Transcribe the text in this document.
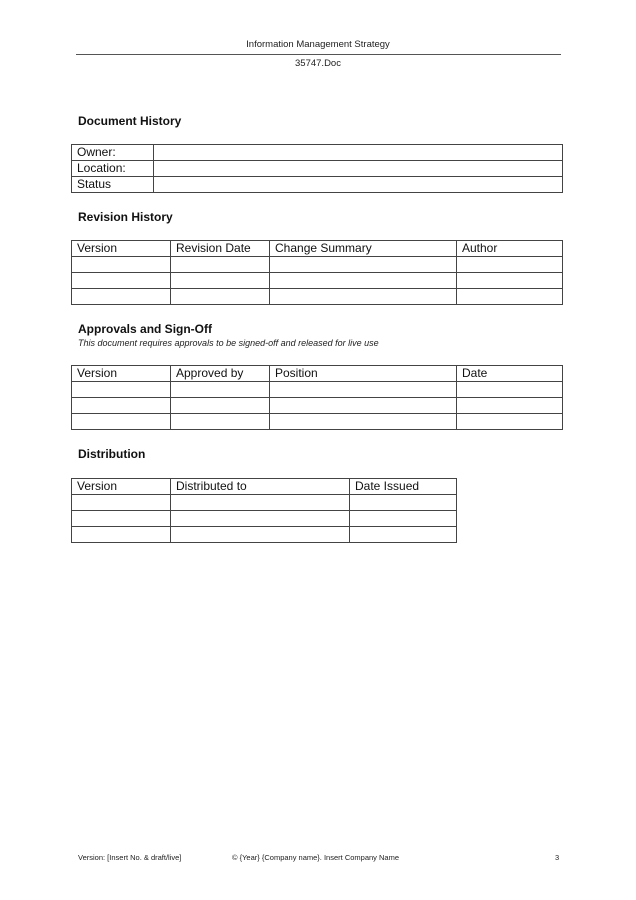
Information Management Strategy
35747.Doc
Document History
Owner:	
Location:	
Status	
Revision History
Version	Revision Date	Change Summary	Author

Approvals and Sign-Off
This document requires approvals to be signed-off and released for live use
Version	Approved by	Position	Date

Distribution
Version	Distributed to	Date Issued

Version: [Insert No. & draft/live]	© {Year} {Company name}. Insert Company Name	3
